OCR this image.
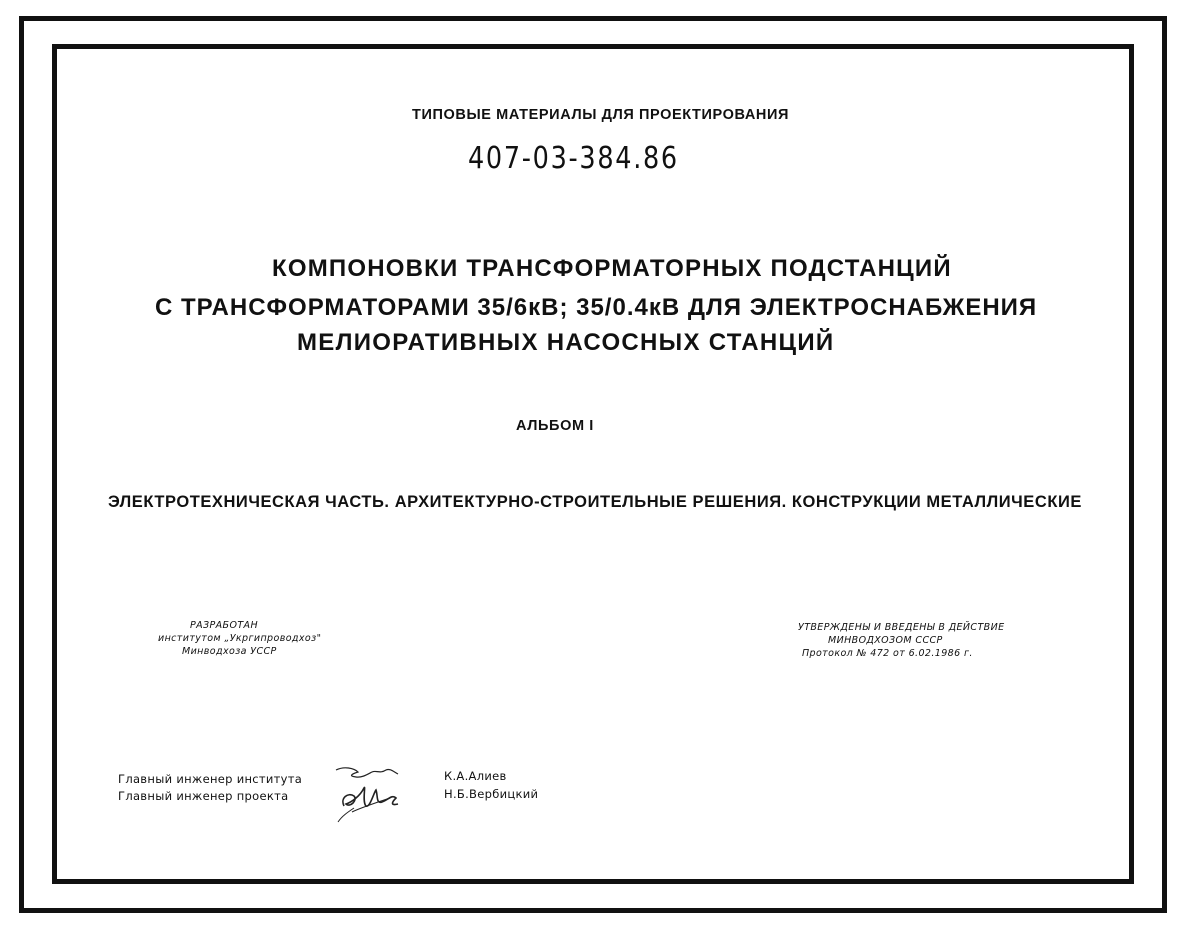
ТИПОВЫЕ МАТЕРИАЛЫ ДЛЯ ПРОЕКТИРОВАНИЯ
407-03-384.86
КОМПОНОВКИ ТРАНСФОРМАТОРНЫХ ПОДСТАНЦИЙ
С ТРАНСФОРМАТОРАМИ 35/6кВ; 35/0.4кВ ДЛЯ ЭЛЕКТРОСНАБЖЕНИЯ
МЕЛИОРАТИВНЫХ НАСОСНЫХ СТАНЦИЙ
АЛЬБОМ I
ЭЛЕКТРОТЕХНИЧЕСКАЯ ЧАСТЬ. АРХИТЕКТУРНО-СТРОИТЕЛЬНЫЕ РЕШЕНИЯ. КОНСТРУКЦИИ МЕТАЛЛИЧЕСКИЕ
РАЗРАБОТАН
институтом „Укргипроводхоз"
Минводхоза УССР
УТВЕРЖДЕНЫ И ВВЕДЕНЫ В ДЕЙСТВИЕ
МИНВОДХОЗОМ СССР
Протокол № 472 от 6.02.1986 г.
Главный инженер института
Главный инженер проекта
К.А.Алиев
Н.Б.Вербицкий
